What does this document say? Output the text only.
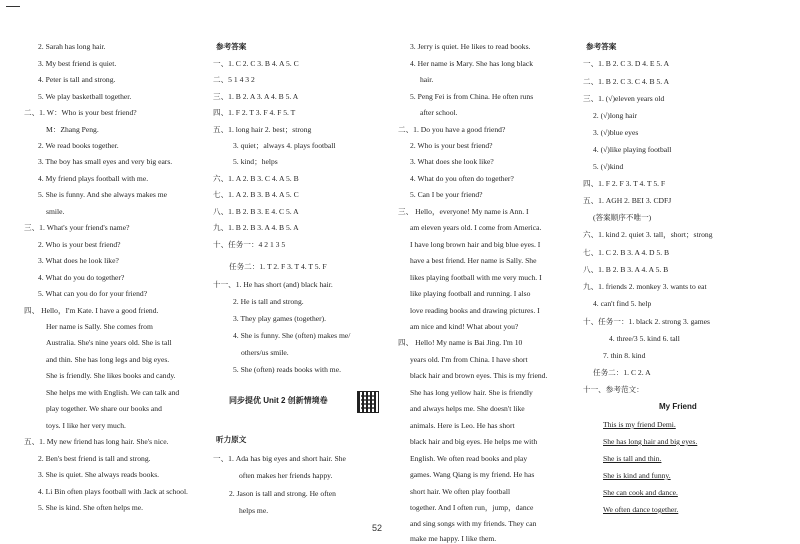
2. Sarah has long hair.
3. My best friend is quiet.
4. Peter is tall and strong.
5. We play basketball together.
二、1. W：Who is your best friend?
M：Zhang Peng.
2. We read books together.
3. The boy has small eyes and very big ears.
4. My friend plays football with me.
5. She is funny. And she always makes me
smile.
三、1. What's your friend's name?
2. Who is your best friend?
3. What does he look like?
4. What do you do together?
5. What can you do for your friend?
四、 Hello，I'm Kate. I have a good friend.
Her name is Sally. She comes from
Australia. She's nine years old. She is tall
and thin. She has long legs and big eyes.
She is friendly. She likes books and candy.
She helps me with English. We can talk and
play together. We share our books and
toys. I like her very much.
五、1. My new friend has long hair. She's nice.
2. Ben's best friend is tall and strong.
3. She is quiet. She always reads books.
4. Li Bin often plays football with Jack at school.
5. She is kind. She often helps me.
参考答案
一、1. C 2. C 3. B 4. A 5. C
二、5 1 4 3 2
三、1. B 2. A 3. A 4. B 5. A
四、1. F 2. T 3. F 4. F 5. T
五、1. long hair 2. best；strong
3. quiet；always 4. plays football
5. kind；helps
六、1. A 2. B 3. C 4. A 5. B
七、1. A 2. B 3. B 4. A 5. C
八、1. B 2. B 3. E 4. C 5. A
九、1. B 2. B 3. A 4. B 5. A
十、任务一：4 2 1 3 5
任务二：1. T 2. F 3. T 4. T 5. F
十一、1. He has short (and) black hair.
2. He is tall and strong.
3. They play games (together).
4. She is funny. She (often) makes me/
others/us smile.
5. She (often) reads books with me.
同步提优 Unit 2 创新情境卷
听力原文
一、1. Ada has big eyes and short hair. She
often makes her friends happy.
2. Jason is tall and strong. He often
helps me.
3. Jerry is quiet. He likes to read books.
4. Her name is Mary. She has long black
hair.
5. Peng Fei is from China. He often runs
after school.
二、1. Do you have a good friend?
2. Who is your best friend?
3. What does she look like?
4. What do you often do together?
5. Can I be your friend?
三、 Hello，everyone! My name is Ann. I
am eleven years old. I come from America.
I have long brown hair and big blue eyes. I
have a best friend. Her name is Sally. She
likes playing football with me very much. I
like playing football and running. I also
love reading books and drawing pictures. I
am nice and kind! What about you?
四、 Hello! My name is Bai Jing. I'm 10
years old. I'm from China. I have short
black hair and brown eyes. This is my friend.
She has long yellow hair. She is friendly
and always helps me. She doesn't like
animals. Here is Leo. He has short
black hair and big eyes. He helps me with
English. We often read books and play
games. Wang Qiang is my friend. He has
short hair. We often play football
together. And I often run，jump，dance
and sing songs with my friends. They can
make me happy. I like them.
参考答案
一、1. B 2. C 3. D 4. E 5. A
二、1. B 2. C 3. C 4. B 5. A
三、1. (√)eleven years old
2. (√)long hair
3. (√)blue eyes
4. (√)like playing football
5. (√)kind
四、1. F 2. F 3. T 4. T 5. F
五、1. AGH 2. BEI 3. CDFJ
(答案顺序不唯一)
六、1. kind 2. quiet 3. tall，short；strong
七、1. C 2. B 3. A 4. D 5. B
八、1. B 2. B 3. A 4. A 5. B
九、1. friends 2. monkey 3. wants to eat
4. can't find 5. help
十、任务一：1. black 2. strong 3. games
4. three/3 5. kind 6. tall
7. thin 8. kind
任务二：1. C 2. A
十一、参考范文：
My Friend
This is my friend Demi.
She has long hair and big eyes.
She is tall and thin.
She is kind and funny.
She can cook and dance.
We often dance together.
52
